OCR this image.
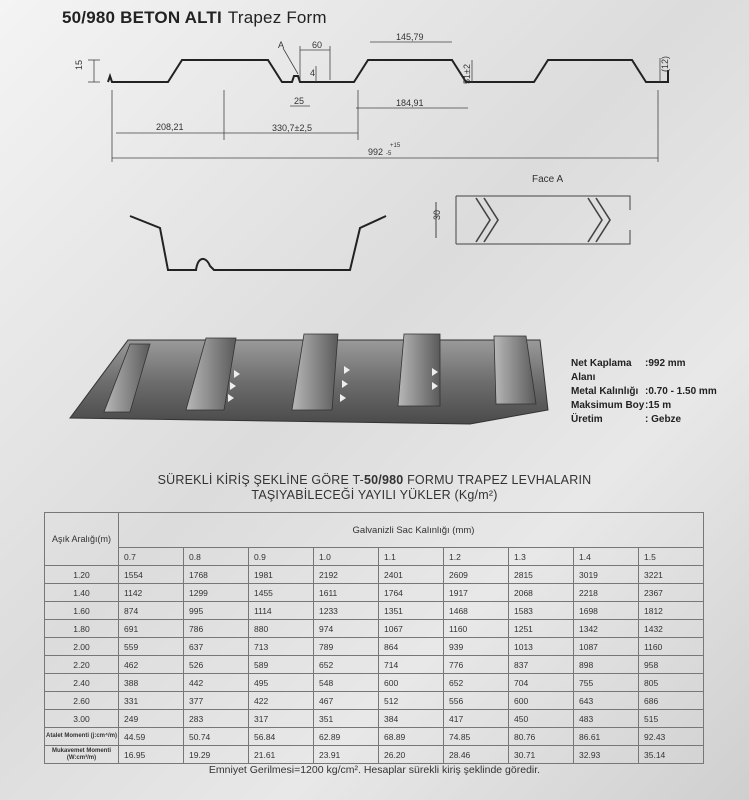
50/980 BETON ALTI Trapez Form
15
A	60
4
25
145,79
51±2
(12)
184,91
208,21	330,7±2,5
992
+15
-5
Face A
30
Net Kaplama Alanı
:992 mm
Metal Kalınlığı :0.70 - 1.50 mm
Maksimum Boy :15 m
Üretim	: Gebze
SÜREKLİ KİRİŞ ŞEKLİNE GÖRE T-50/980 FORMU TRAPEZ LEVHALARIN
TAŞIYABİLECEĞİ YAYILI YÜKLER (Kg/m²)
Aşık Aralığı(m)	Galvanizli Sac Kalınlığı (mm)								
	0.7	0.8	0.9	1.0	1.1	1.2	1.3	1.4	1.5
1.20	1554	1768	1981	2192	2401	2609	2815	3019	3221
1.40	1142	1299	1455	1611	1764	1917	2068	2218	2367
1.60	874	995	1114	1233	1351	1468	1583	1698	1812
1.80	691	786	880	974	1067	1160	1251	1342	1432
2.00	559	637	713	789	864	939	1013	1087	1160
2.20	462	526	589	652	714	776	837	898	958
2.40	388	442	495	548	600	652	704	755	805
2.60	331	377	422	467	512	556	600	643	686
3.00	249	283	317	351	384	417	450	483	515

Atalet Momenti (j:cm⁴/m)	44.59	50.74	56.84	62.89	68.89	74.85	80.76	86.61	92.43

Mukavemet Momenti
(W:cm³/m)	16.95	19.29	21.61	23.91	26.20	28.46	30.71	32.93	35.14
Emniyet Gerilmesi=1200 kg/cm². Hesaplar sürekli kiriş şeklinde göredir.
